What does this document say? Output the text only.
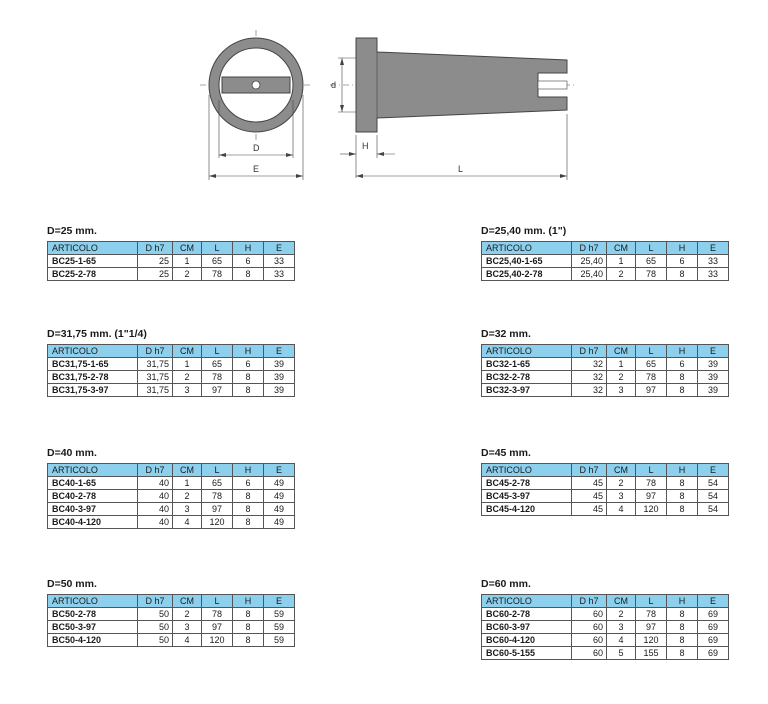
D
E
d
H
L
D=25 mm.
ARTICOLO	D h7	CM	L	H	E
BC25-1-65	25	1	65	6	33
BC25-2-78	25	2	78	8	33
D=25,40 mm. (1")
ARTICOLO	D h7	CM	L	H	E
BC25,40-1-65	25,40	1	65	6	33
BC25,40-2-78	25,40	2	78	8	33
D=31,75 mm. (1"1/4)
ARTICOLO	D h7	CM	L	H	E
BC31,75-1-65	31,75	1	65	6	39
BC31,75-2-78	31,75	2	78	8	39
BC31,75-3-97	31,75	3	97	8	39
D=32 mm.
ARTICOLO	D h7	CM	L	H	E
BC32-1-65	32	1	65	6	39
BC32-2-78	32	2	78	8	39
BC32-3-97	32	3	97	8	39
D=40 mm.
ARTICOLO	D h7	CM	L	H	E
BC40-1-65	40	1	65	6	49
BC40-2-78	40	2	78	8	49
BC40-3-97	40	3	97	8	49
BC40-4-120	40	4	120	8	49
D=45 mm.
ARTICOLO	D h7	CM	L	H	E
BC45-2-78	45	2	78	8	54
BC45-3-97	45	3	97	8	54
BC45-4-120	45	4	120	8	54
D=50 mm.
ARTICOLO	D h7	CM	L	H	E
BC50-2-78	50	2	78	8	59
BC50-3-97	50	3	97	8	59
BC50-4-120	50	4	120	8	59
D=60 mm.
ARTICOLO	D h7	CM	L	H	E
BC60-2-78	60	2	78	8	69
BC60-3-97	60	3	97	8	69
BC60-4-120	60	4	120	8	69
BC60-5-155	60	5	155	8	69
